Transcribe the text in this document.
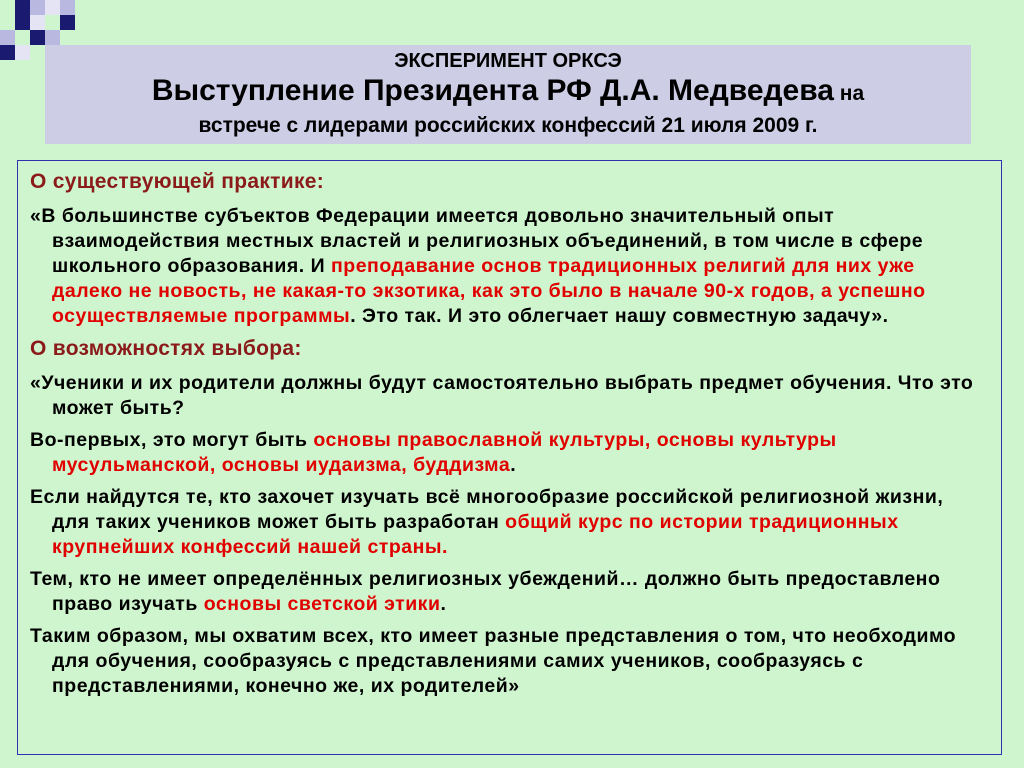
ЭКСПЕРИМЕНТ ОРКСЭ
Выступление Президента РФ Д.А. Медведева на
встрече с лидерами российских конфессий 21 июля 2009 г.
О существующей практике:
«В большинстве субъектов Федерации имеется довольно значительный опыт взаимодействия местных властей и религиозных объединений, в том числе в сфере школьного образования. И преподавание основ традиционных религий для них уже далеко не новость, не какая-то экзотика, как это было в начале 90-х годов, а успешно осуществляемые программы. Это так. И это облегчает нашу совместную задачу».
О возможностях выбора:
«Ученики и их родители должны будут самостоятельно выбрать предмет обучения. Что это может быть?
Во-первых, это могут быть основы православной культуры, основы культуры мусульманской, основы иудаизма, буддизма.
Если найдутся те, кто захочет изучать всё многообразие российской религиозной жизни, для таких учеников может быть разработан общий курс по истории традиционных крупнейших конфессий нашей страны.
Тем, кто не имеет определённых религиозных убеждений… должно быть предоставлено право изучать основы светской этики.
Таким образом, мы охватим всех, кто имеет разные представления о том, что необходимо для обучения, сообразуясь с представлениями самих учеников, сообразуясь с представлениями, конечно же, их родителей»
